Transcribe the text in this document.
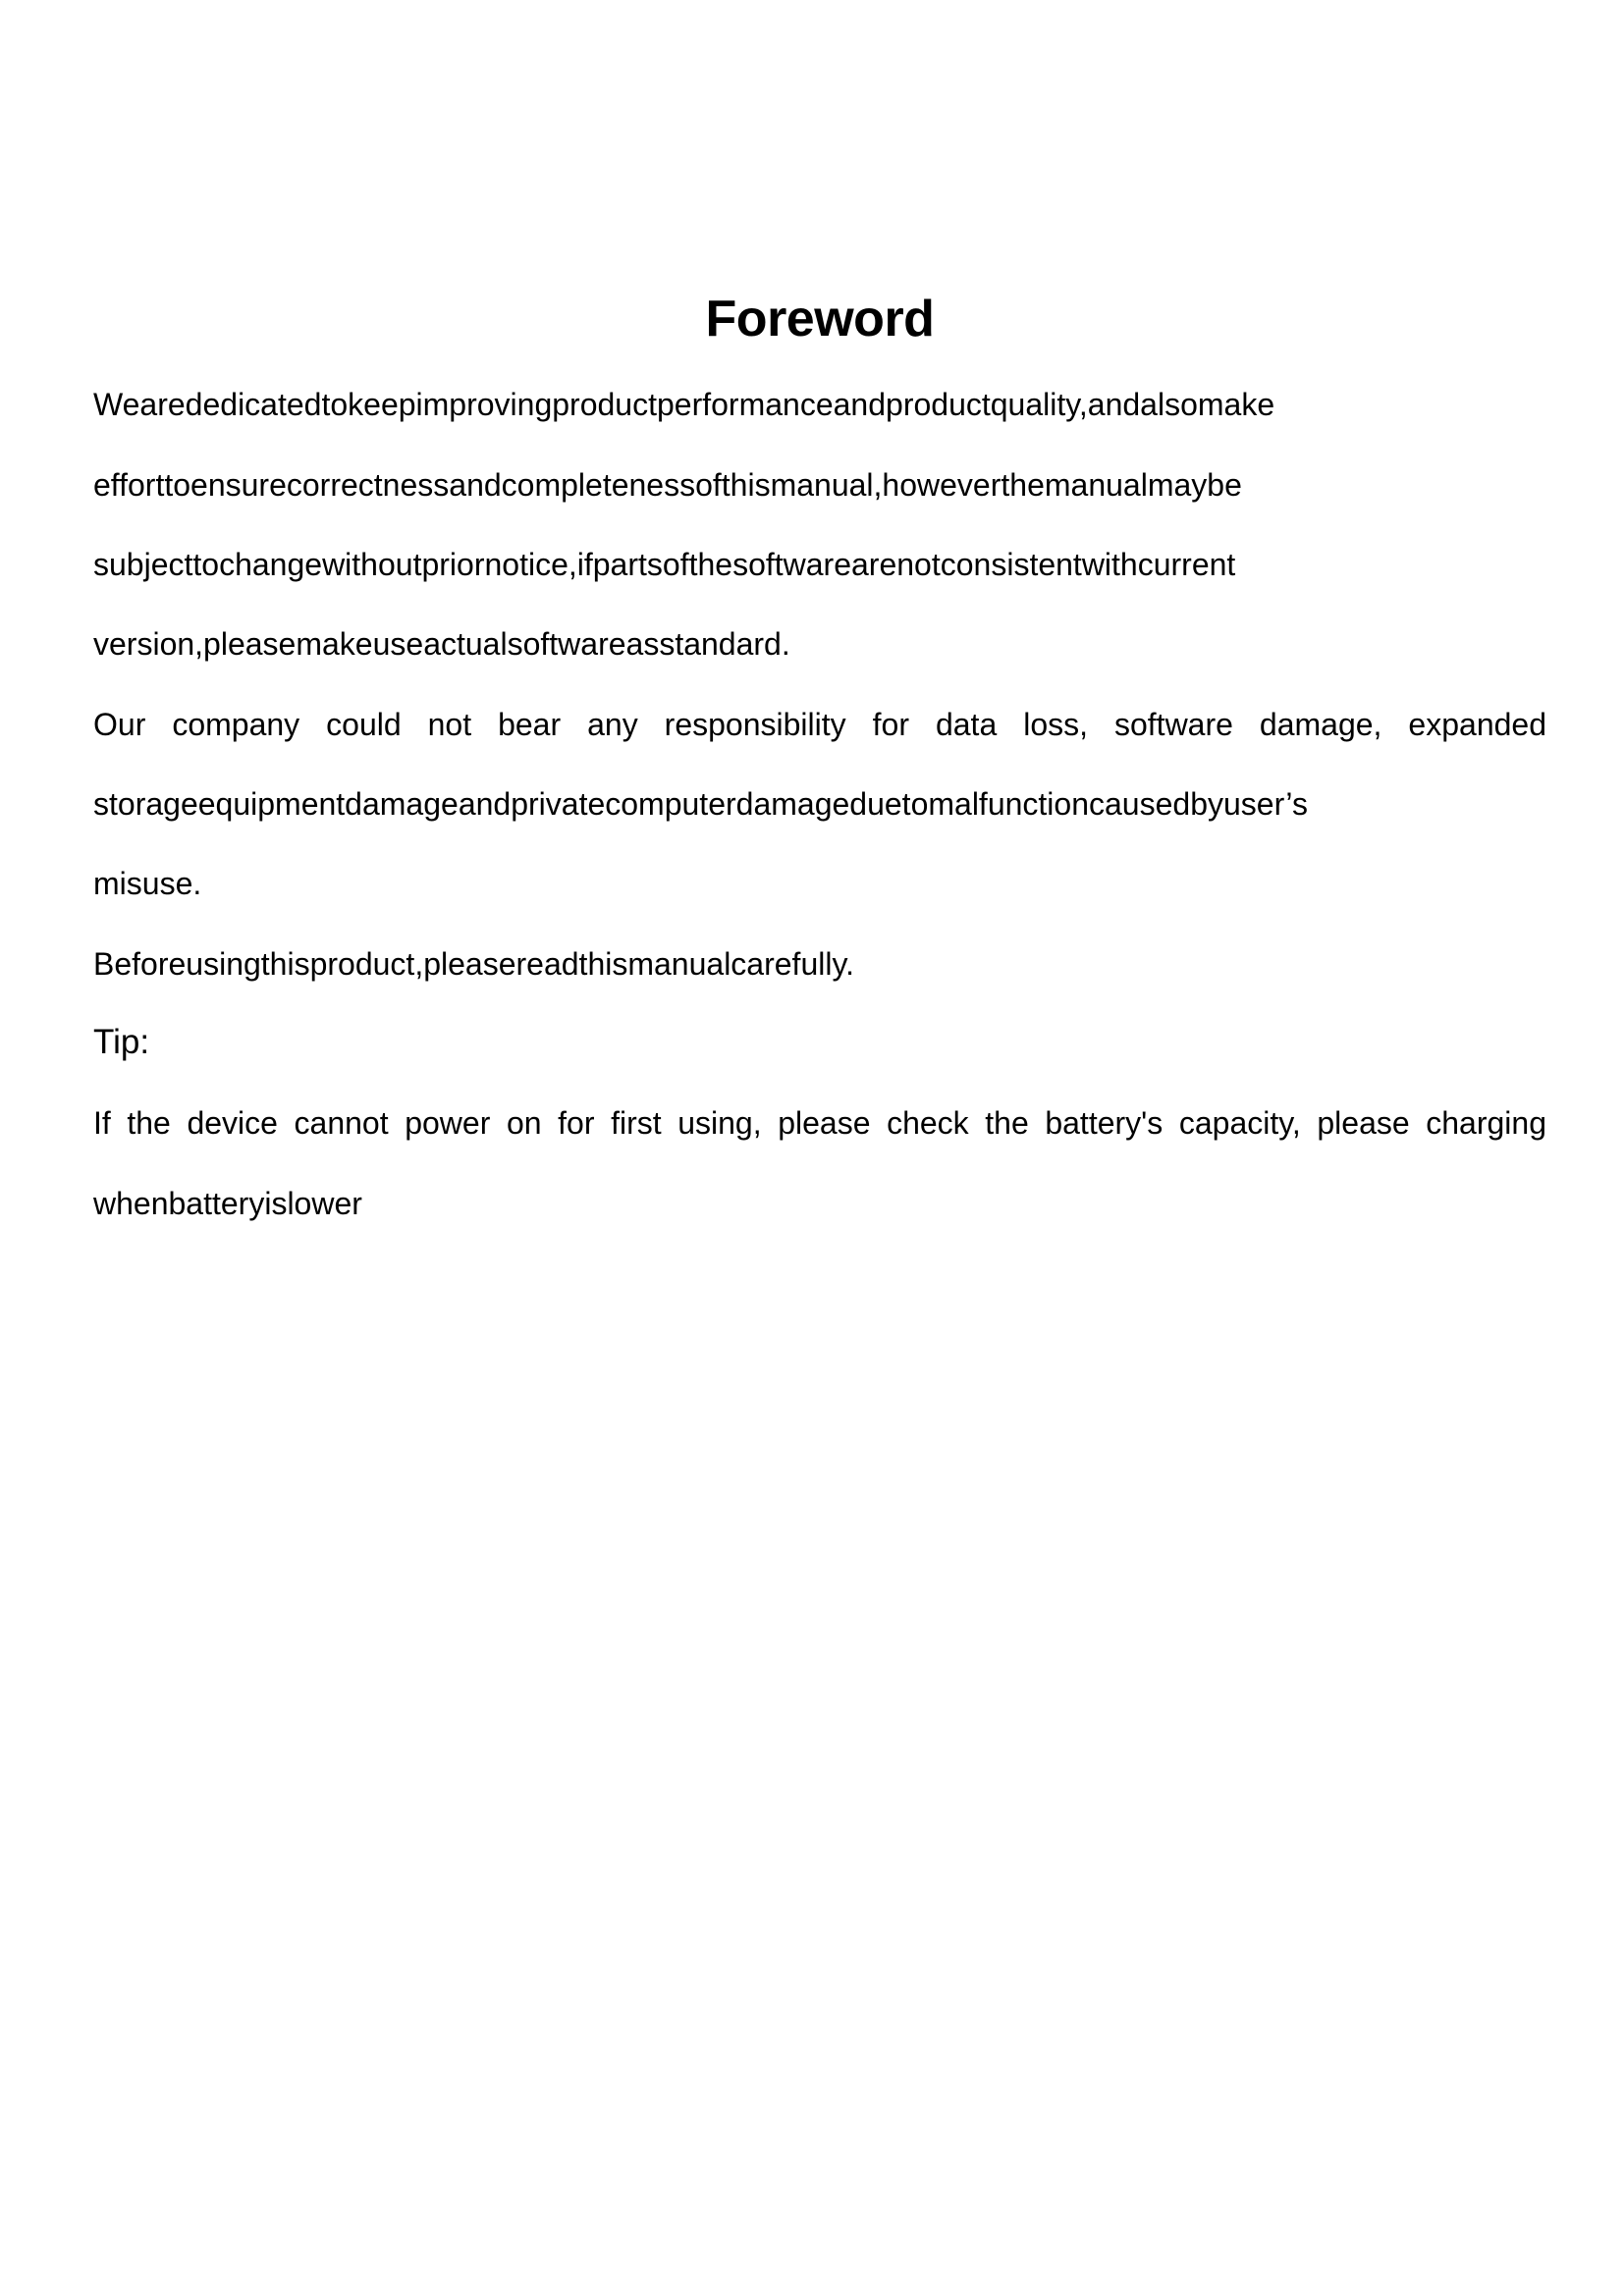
Foreword
Wearededicatedtokeepimprovingproductperformanceandproductquality,andalsomake
efforttoensurecorrectnessandcompletenessofthismanual,howeverthemanualmaybe
subjecttochangewithoutpriornotice,ifpartsofthesoftwarearenotconsistentwithcurrent
version,pleasemakeuseactualsoftwareasstandard.
Our company could not bear any responsibility for data loss, software damage, expanded
storageequipmentdamageandprivatecomputerdamageduetomalfunctioncausedbyuser’s
misuse.
Beforeusingthisproduct,pleasereadthismanualcarefully.
Tip:
If the device cannot power on for first using, please check the battery's capacity, please charging
whenbatteryislower
